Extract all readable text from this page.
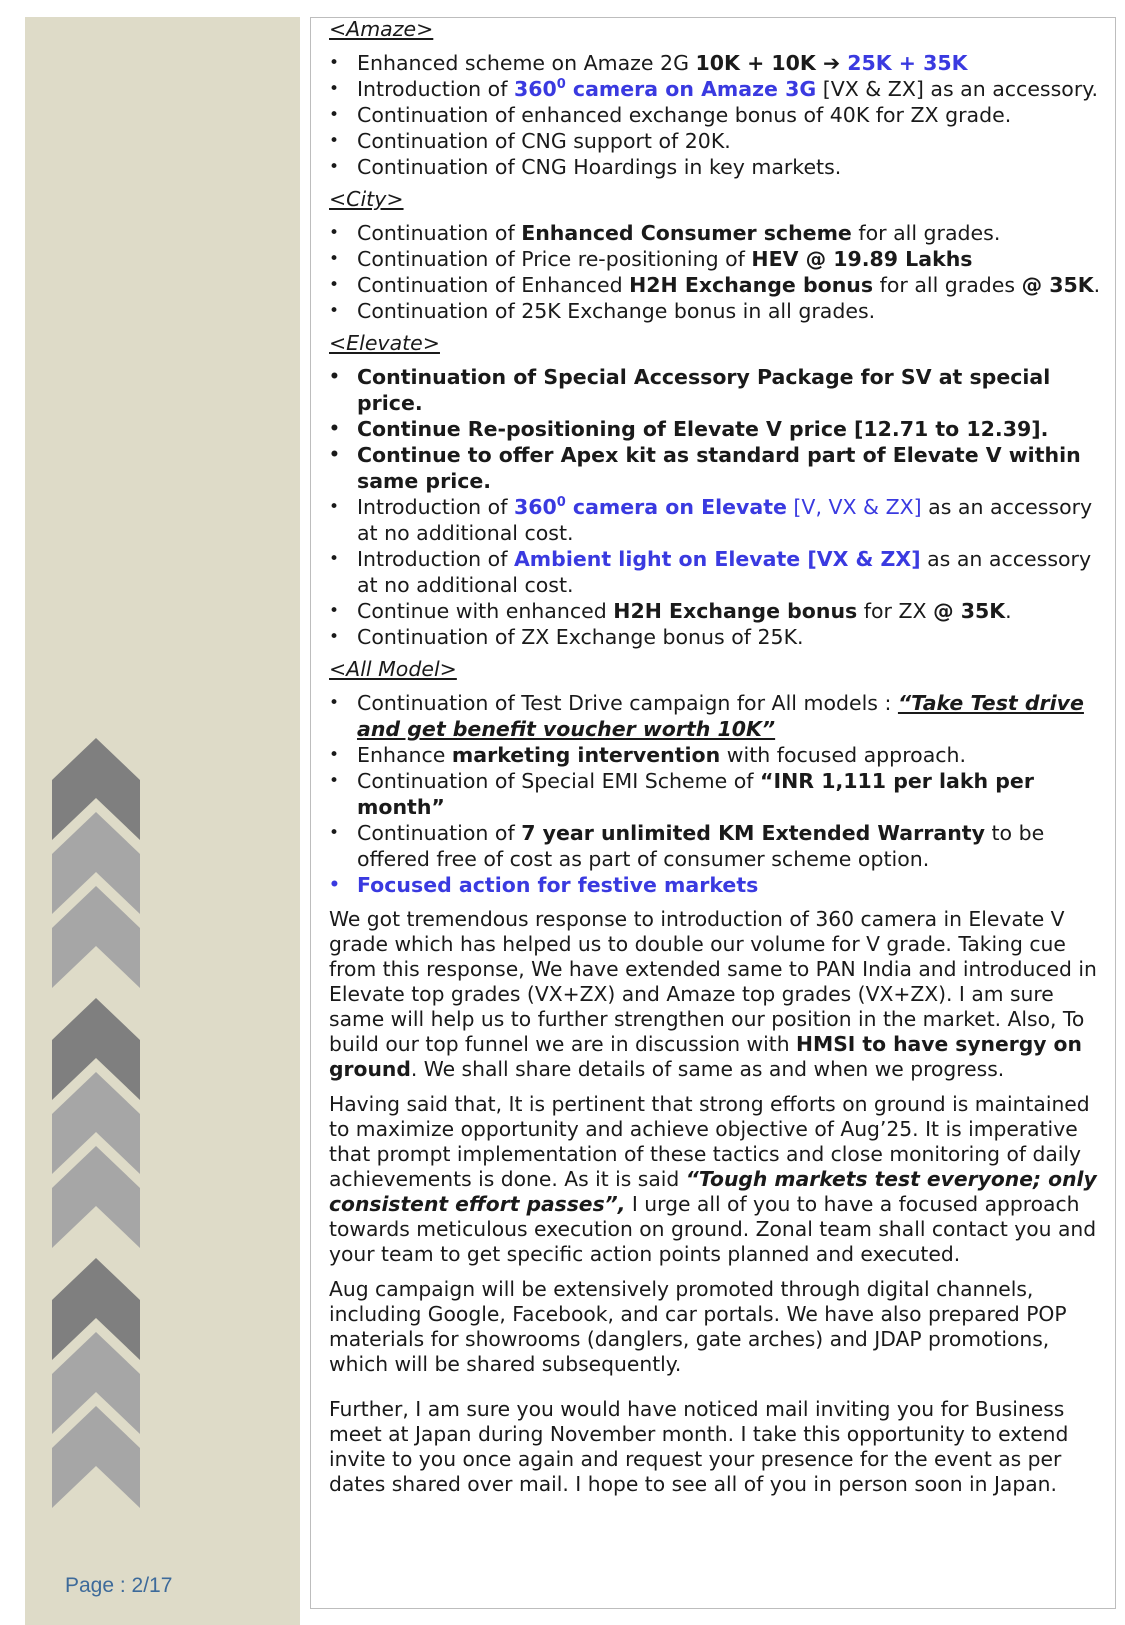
Page : 2/17
<Amaze>
• Enhanced scheme on Amaze 2G 10K + 10K ➔ 25K + 35K
• Introduction of $360^0$ camera on Amaze 3G [VX & ZX] as an accessory.
• Continuation of enhanced exchange bonus of 40K for ZX grade.
• Continuation of CNG support of 20K.
• Continuation of CNG Hoardings in key markets.
<City>
• Continuation of Enhanced Consumer scheme for all grades.
• Continuation of Price re-positioning of HEV @ 19.89 Lakhs
• Continuation of Enhanced H2H Exchange bonus for all grades @ 35K.
• Continuation of 25K Exchange bonus in all grades.
<Elevate>
• Continuation of Special Accessory Package for SV at special price.
• Continue Re-positioning of Elevate V price [12.71 to 12.39].
• Continue to offer Apex kit as standard part of Elevate V within same price.
• Introduction of $360^0$ camera on Elevate [V, VX & ZX] as an accessory at no additional cost.
• Introduction of Ambient light on Elevate [VX & ZX] as an accessory at no additional cost.
• Continue with enhanced H2H Exchange bonus for ZX @ 35K.
• Continuation of ZX Exchange bonus of 25K.
<All Model>
• Continuation of Test Drive campaign for All models : “Take Test drive and get benefit voucher worth 10K”
• Enhance marketing intervention with focused approach.
• Continuation of Special EMI Scheme of “INR 1,111 per lakh per month”
• Continuation of 7 year unlimited KM Extended Warranty to be offered free of cost as part of consumer scheme option.
• Focused action for festive markets

We got tremendous response to introduction of 360 camera in Elevate V grade which has helped us to double our volume for V grade. Taking cue from this response, We have extended same to PAN India and introduced in Elevate top grades (VX+ZX) and Amaze top grades (VX+ZX). I am sure same will help us to further strengthen our position in the market. Also, To build our top funnel we are in discussion with HMSI to have synergy on ground. We shall share details of same as and when we progress.

Having said that, It is pertinent that strong efforts on ground is maintained to maximize opportunity and achieve objective of Aug’25. It is imperative that prompt implementation of these tactics and close monitoring of daily achievements is done. As it is said “Tough markets test everyone; only consistent effort passes”, I urge all of you to have a focused approach towards meticulous execution on ground. Zonal team shall contact you and your team to get specific action points planned and executed.

Aug campaign will be extensively promoted through digital channels, including Google, Facebook, and car portals. We have also prepared POP materials for showrooms (danglers, gate arches) and JDAP promotions, which will be shared subsequently.

Further, I am sure you would have noticed mail inviting you for Business meet at Japan during November month. I take this opportunity to extend invite to you once again and request your presence for the event as per dates shared over mail. I hope to see all of you in person soon in Japan.
